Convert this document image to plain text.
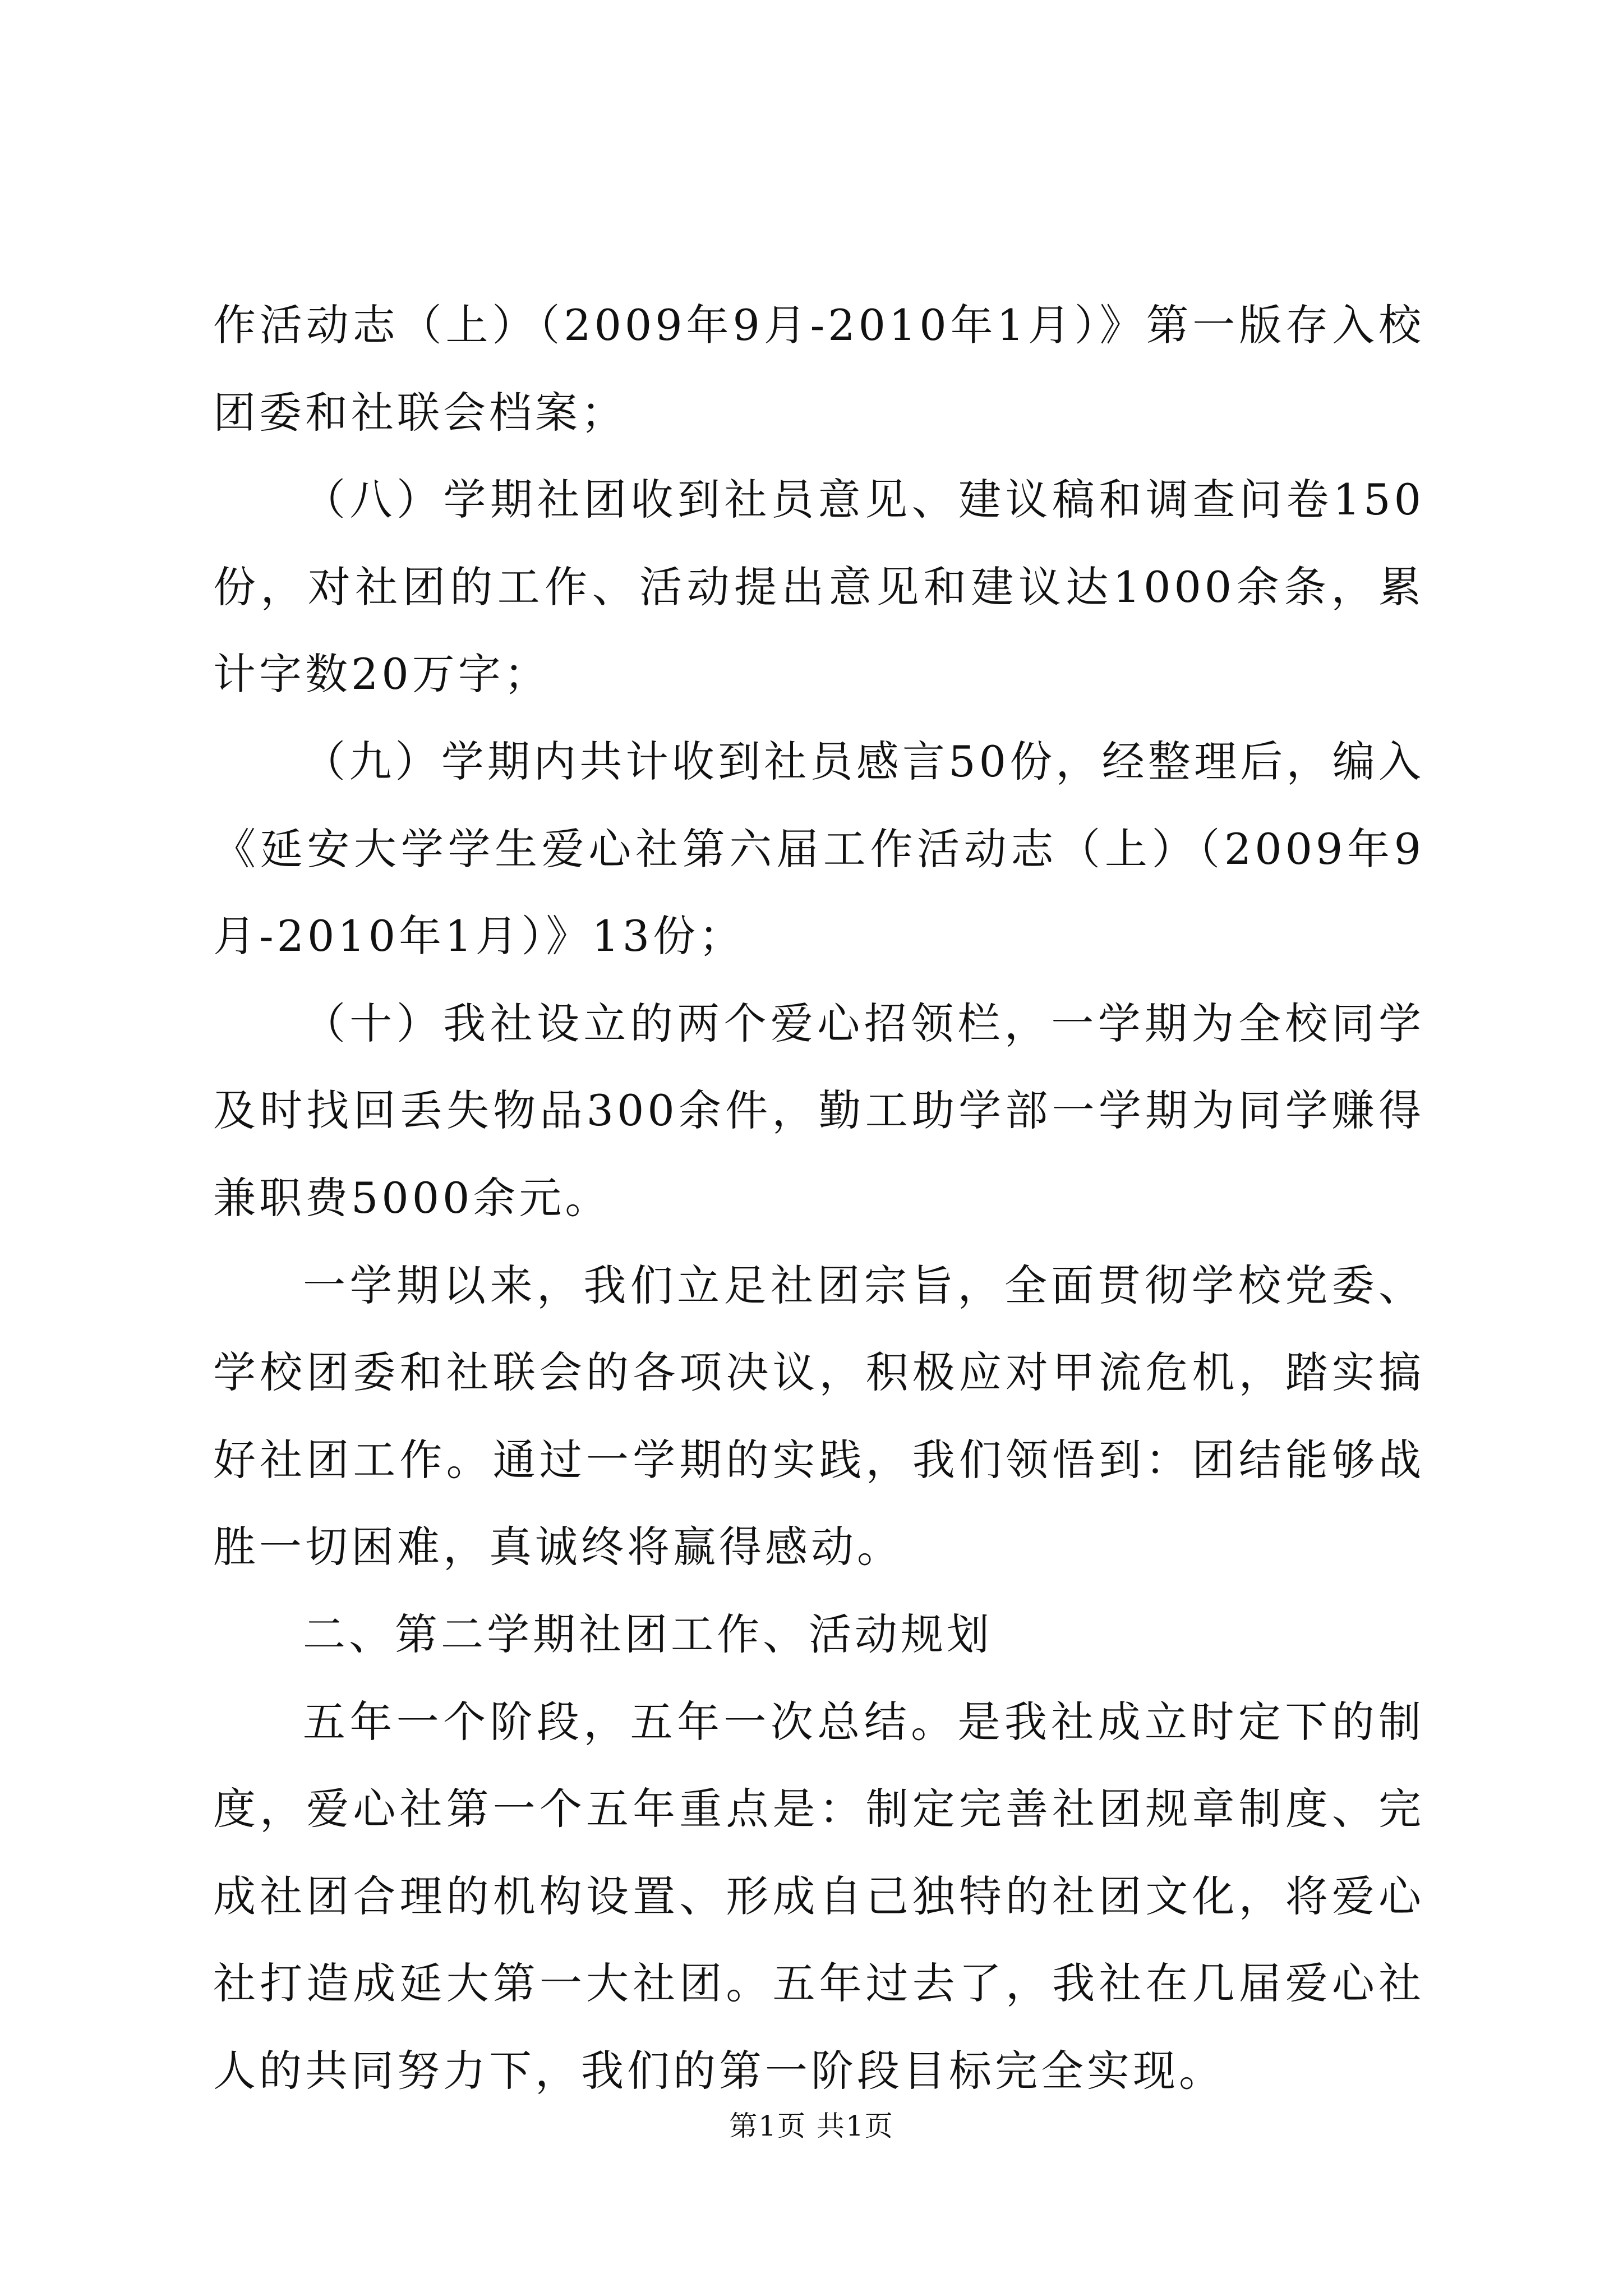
作活动志（上）（2009年9月-2010年1月）》第一版存入校团委和社联会档案；

（八）学期社团收到社员意见、建议稿和调查问卷150份，对社团的工作、活动提出意见和建议达1000余条，累计字数20万字；

（九）学期内共计收到社员感言50份，经整理后，编入《延安大学学生爱心社第六届工作活动志（上）（2009年9月-2010年1月）》13份；

（十）我社设立的两个爱心招领栏，一学期为全校同学及时找回丢失物品300余件，勤工助学部一学期为同学赚得兼职费5000余元。

一学期以来，我们立足社团宗旨，全面贯彻学校党委、学校团委和社联会的各项决议，积极应对甲流危机，踏实搞好社团工作。通过一学期的实践，我们领悟到：团结能够战胜一切困难，真诚终将赢得感动。

二、第二学期社团工作、活动规划

五年一个阶段，五年一次总结。是我社成立时定下的制度，爱心社第一个五年重点是：制定完善社团规章制度、完成社团合理的机构设置、形成自己独特的社团文化，将爱心社打造成延大第一大社团。五年过去了，我社在几届爱心社人的共同努力下，我们的第一阶段目标完全实现。

第1页 共1页
